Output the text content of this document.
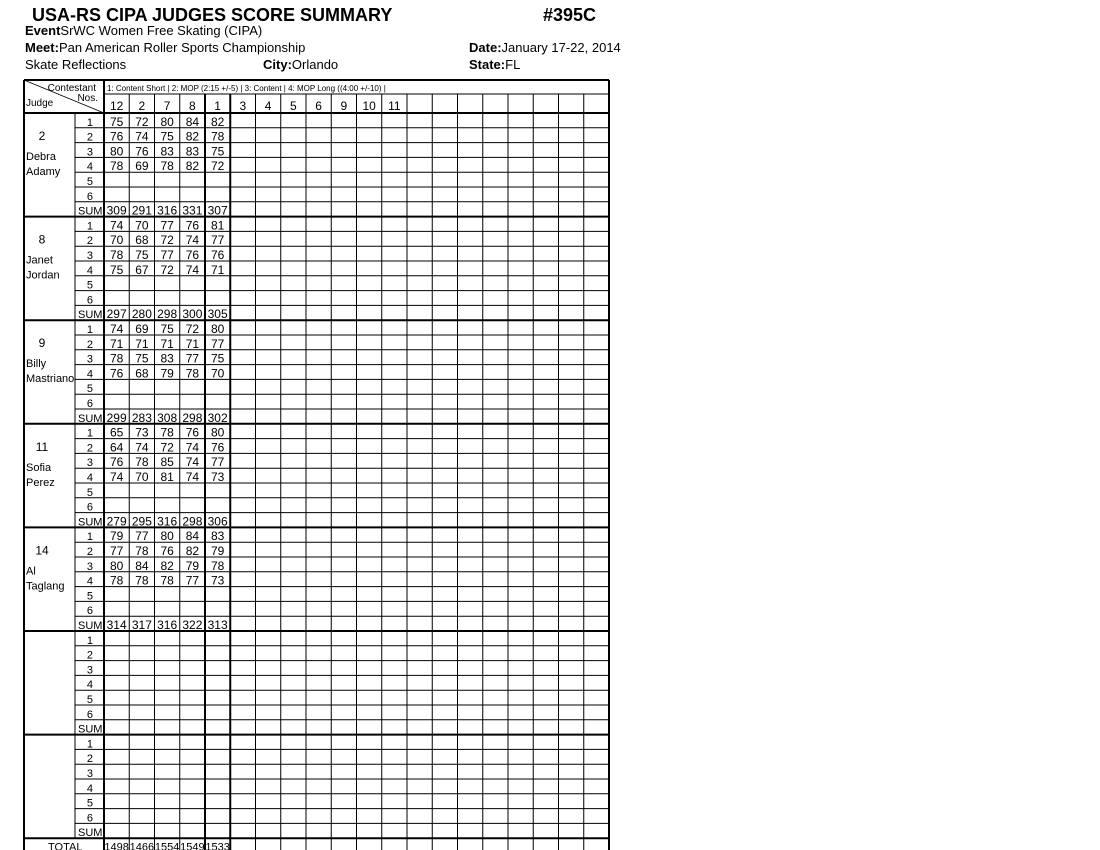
USA-RS CIPA JUDGES SCORE SUMMARY	#395C
EventSrWC Women Free Skating (CIPA)
Meet:Pan American Roller Sports Championship	Date:January 17-22, 2014
Skate Reflections	City:Orlando	State:FL
Contestant
Nos.
Judge
1: Content Short | 2: MOP (2:15 +/-5) | 3: Content | 4: MOP Long ((4:00 +/-10) |
12 2 7 8 1 3 4 5 6 9 10 11
2
Debra
Adamy
1 75 72 80 84 82
2 76 74 75 82 78
3 80 76 83 83 75
4 78 69 78 82 72
5
6
SUM 309 291 316 331 307
8
Janet
Jordan
1 74 70 77 76 81
2 70 68 72 74 77
3 78 75 77 76 76
4 75 67 72 74 71
5
6
SUM 297 280 298 300 305
9
Billy
Mastriano
1 74 69 75 72 80
2 71 71 71 71 77
3 78 75 83 77 75
4 76 68 79 78 70
5
6
SUM 299 283 308 298 302
11
Sofia
Perez
1 65 73 78 76 80
2 64 74 72 74 76
3 76 78 85 74 77
4 74 70 81 74 73
5
6
SUM 279 295 316 298 306
14
Al
Taglang
1 79 77 80 84 83
2 77 78 76 82 79
3 80 84 82 79 78
4 78 78 78 77 73
5
6
SUM 314 317 316 322 313
1
2
3
4
5
6
SUM
1
2
3
4
5
6
SUM
TOTAL 1498 1466 1554 1549 1533
